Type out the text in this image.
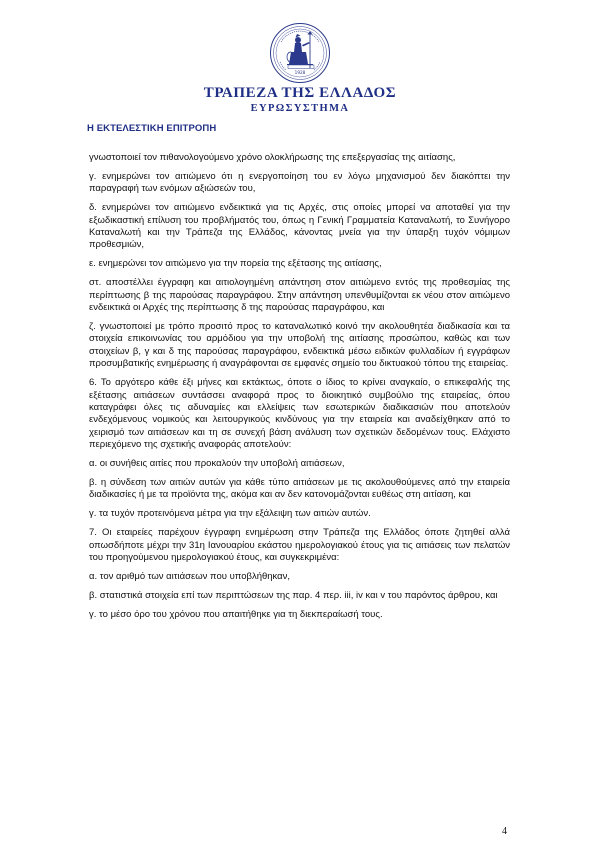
1928
ΤΡΑΠΕΖΑ ΤΗΣ ΕΛΛΑΔΟΣ
ΕΥΡΩΣΥΣΤΗΜΑ
Η ΕΚΤΕΛΕΣΤΙΚΗ ΕΠΙΤΡΟΠΗ

γνωστοποιεί τον πιθανολογούμενο χρόνο ολοκλήρωσης της επεξεργασίας της αιτίασης,

γ. ενημερώνει τον αιτιώμενο ότι η ενεργοποίηση του εν λόγω μηχανισμού δεν διακόπτει την παραγραφή των ενόμων αξιώσεών του,

δ. ενημερώνει τον αιτιώμενο ενδεικτικά για τις Αρχές, στις οποίες μπορεί να αποταθεί για την εξωδικαστική επίλυση του προβλήματός του, όπως η Γενική Γραμματεία Καταναλωτή, το Συνήγορο Καταναλωτή και την Τράπεζα της Ελλάδος, κάνοντας μνεία για την ύπαρξη τυχόν νόμιμων προθεσμιών,

ε. ενημερώνει τον αιτιώμενο για την πορεία της εξέτασης της αιτίασης,

στ. αποστέλλει έγγραφη και αιτιολογημένη απάντηση στον αιτιώμενο εντός της προθεσμίας της περίπτωσης β της παρούσας παραγράφου. Στην απάντηση υπενθυμίζονται εκ νέου στον αιτιώμενο ενδεικτικά οι Αρχές της περίπτωσης δ της παρούσας παραγράφου, και

ζ. γνωστοποιεί με τρόπο προσιτό προς το καταναλωτικό κοινό την ακολουθητέα διαδικασία και τα στοιχεία επικοινωνίας του αρμόδιου για την υποβολή της αιτίασης προσώπου, καθώς και των στοιχείων β, γ και δ της παρούσας παραγράφου, ενδεικτικά μέσω ειδικών φυλλαδίων ή εγγράφων προσυμβατικής ενημέρωσης ή αναγράφονται σε εμφανές σημείο του δικτυακού τόπου της εταιρείας.

6. Το αργότερο κάθε έξι μήνες και εκτάκτως, όποτε ο ίδιος το κρίνει αναγκαίο, ο επικεφαλής της εξέτασης αιτιάσεων συντάσσει αναφορά προς το διοικητικό συμβούλιο της εταιρείας, όπου καταγράφει όλες τις αδυναμίες και ελλείψεις των εσωτερικών διαδικασιών που αποτελούν ενδεχόμενους νομικούς και λειτουργικούς κινδύνους για την εταιρεία και αναδείχθηκαν από το χειρισμό των αιτιάσεων και τη σε συνεχή βάση ανάλυση των σχετικών δεδομένων τους. Ελάχιστο περιεχόμενο της σχετικής αναφοράς αποτελούν:

α. οι συνήθεις αιτίες που προκαλούν την υποβολή αιτιάσεων,

β. η σύνδεση των αιτιών αυτών για κάθε τύπο αιτιάσεων με τις ακολουθούμενες από την εταιρεία διαδικασίες ή με τα προϊόντα της, ακόμα και αν δεν κατονομάζονται ευθέως στη αιτίαση, και

γ. τα τυχόν προτεινόμενα μέτρα για την εξάλειψη των αιτιών αυτών.

7. Οι εταιρείες παρέχουν έγγραφη ενημέρωση στην Τράπεζα της Ελλάδος όποτε ζητηθεί αλλά οπωσδήποτε μέχρι την 31η Ιανουαρίου εκάστου ημερολογιακού έτους για τις αιτιάσεις των πελατών του προηγούμενου ημερολογιακού έτους, και συγκεκριμένα:

α. τον αριθμό των αιτιάσεων που υποβλήθηκαν,

β. στατιστικά στοιχεία επί των περιπτώσεων της παρ. 4 περ. iii, iv και v του παρόντος άρθρου, και

γ. το μέσο όρο του χρόνου που απαιτήθηκε για τη διεκπεραίωσή τους.

4
